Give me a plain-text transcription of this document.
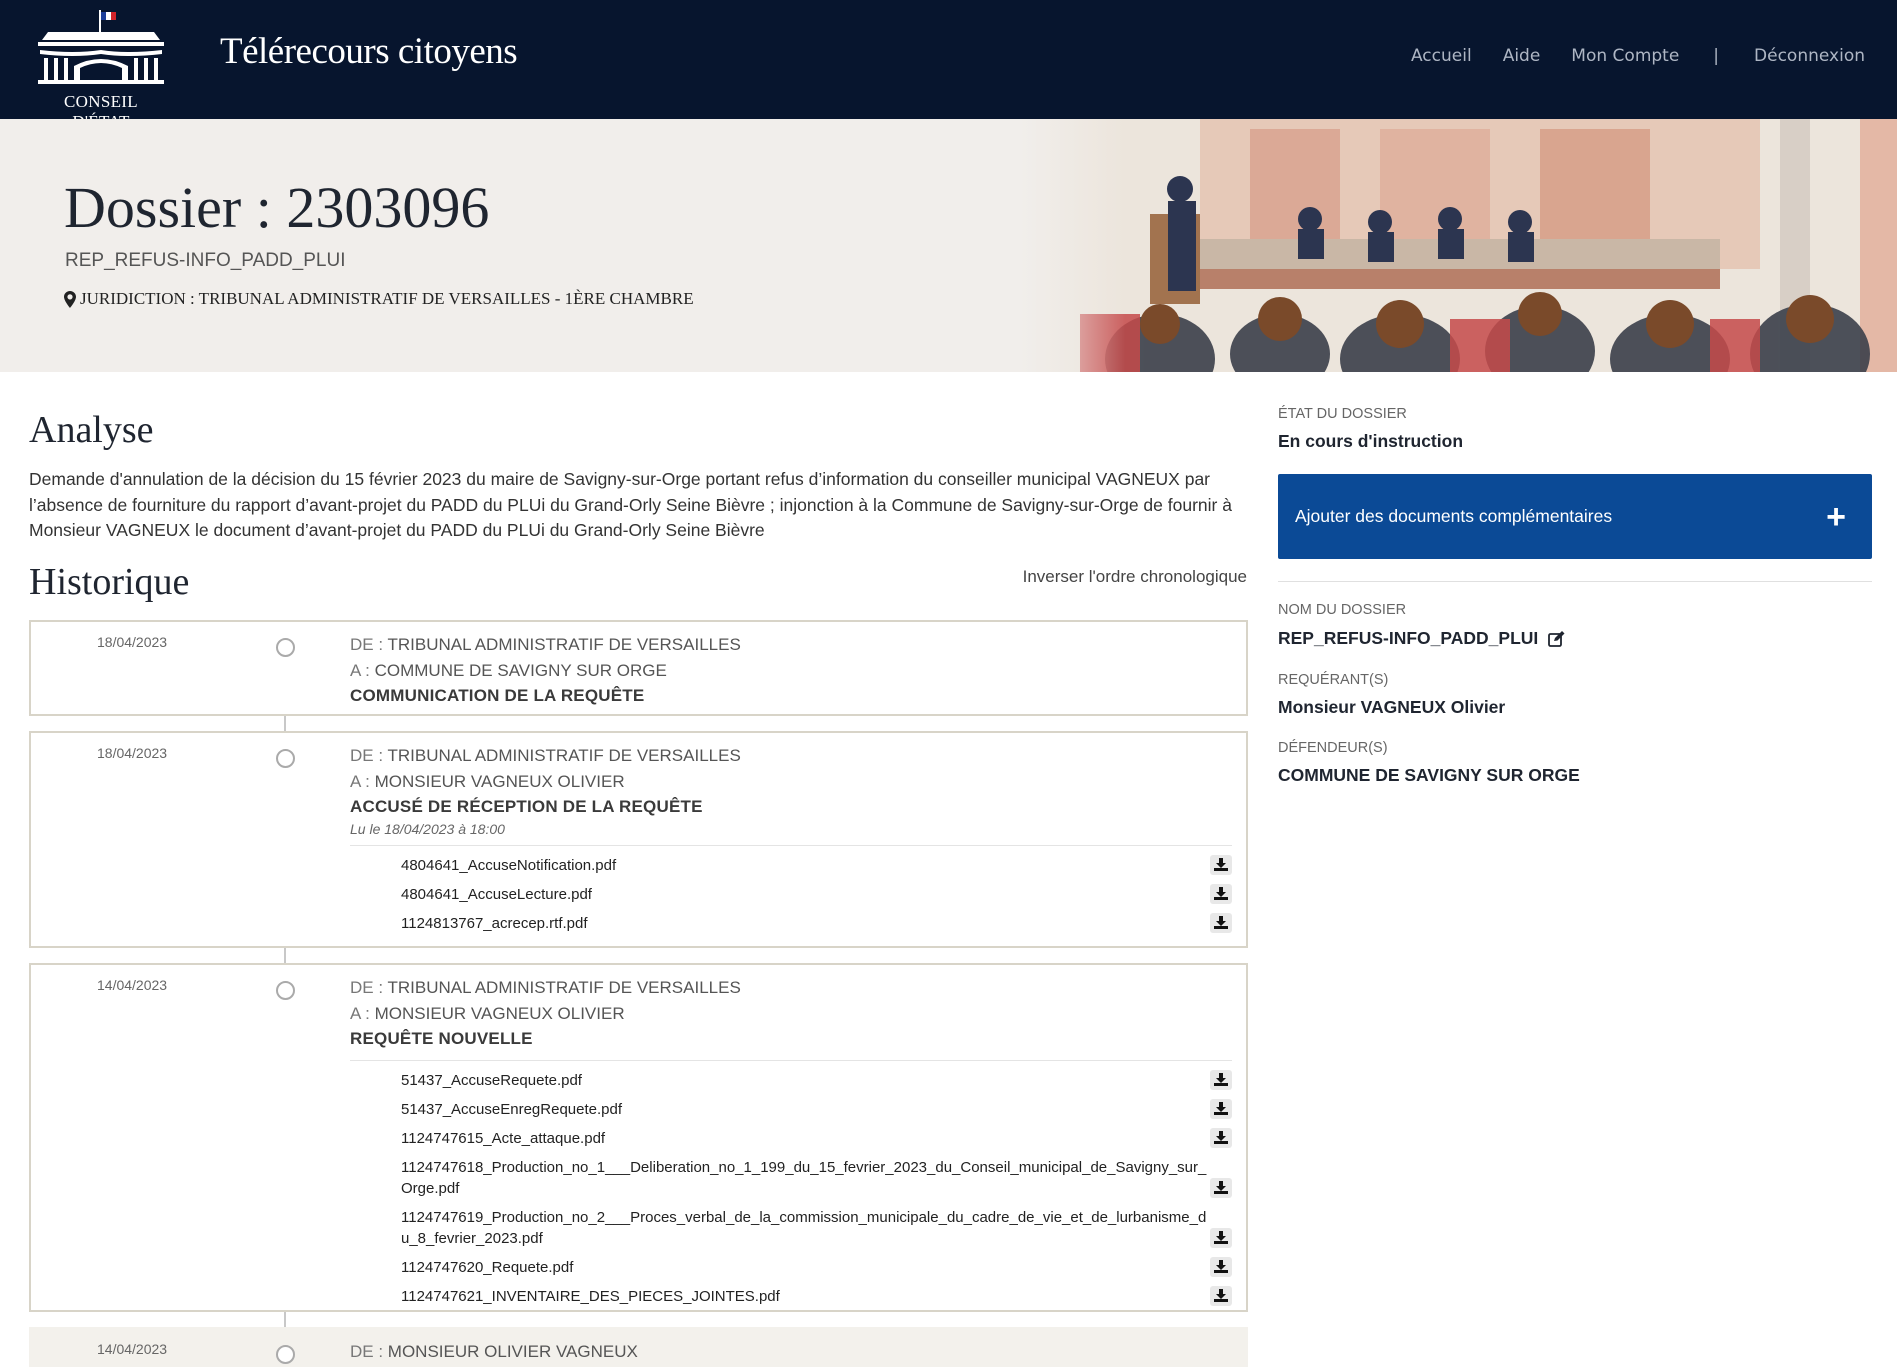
CONSEIL
Télérecours citoyens	Accueil Aide Mon Compte | Déconnexion
Dossier : 2303096
REP_REFUS-INFO_PADD_PLUI
JURIDICTION : TRIBUNAL ADMINISTRATIF DE VERSAILLES - 1ÈRE CHAMBRE
Analyse
Demande d'annulation de la décision du 15 février 2023 du maire de Savigny-sur-Orge portant refus d’information du conseiller municipal VAGNEUX par l’absence de fourniture du rapport d’avant-projet du PADD du PLUi du Grand-Orly Seine Bièvre ; injonction à la Commune de Savigny-sur-Orge de fournir à Monsieur VAGNEUX le document d’avant-projet du PADD du PLUi du Grand-Orly Seine Bièvre
Historique	Inverser l'ordre chronologique
18/04/2023	DE : TRIBUNAL ADMINISTRATIF DE VERSAILLES
A : COMMUNE DE SAVIGNY SUR ORGE
COMMUNICATION DE LA REQUÊTE
18/04/2023	DE : TRIBUNAL ADMINISTRATIF DE VERSAILLES
A : MONSIEUR VAGNEUX OLIVIER
ACCUSÉ DE RÉCEPTION DE LA REQUÊTE
Lu le 18/04/2023 à 18:00
4804641_AccuseNotification.pdf
4804641_AccuseLecture.pdf
1124813767_acrecep.rtf.pdf
14/04/2023	DE : TRIBUNAL ADMINISTRATIF DE VERSAILLES
A : MONSIEUR VAGNEUX OLIVIER
REQUÊTE NOUVELLE
51437_AccuseRequete.pdf
51437_AccuseEnregRequete.pdf
1124747615_Acte_attaque.pdf
1124747618_Production_no_1___Deliberation_no_1_199_du_15_fevrier_2023_du_Conseil_municipal_de_Savigny_sur_Orge.pdf
1124747619_Production_no_2___Proces_verbal_de_la_commission_municipale_du_cadre_de_vie_et_de_lurbanisme_du_8_fevrier_2023.pdf
1124747620_Requete.pdf
1124747621_INVENTAIRE_DES_PIECES_JOINTES.pdf
14/04/2023	DE : MONSIEUR OLIVIER VAGNEUX
ÉTAT DU DOSSIER
En cours d'instruction
Ajouter des documents complémentaires	+
NOM DU DOSSIER
REP_REFUS-INFO_PADD_PLUI
REQUÉRANT(S)
Monsieur VAGNEUX Olivier
DÉFENDEUR(S)
COMMUNE DE SAVIGNY SUR ORGE
